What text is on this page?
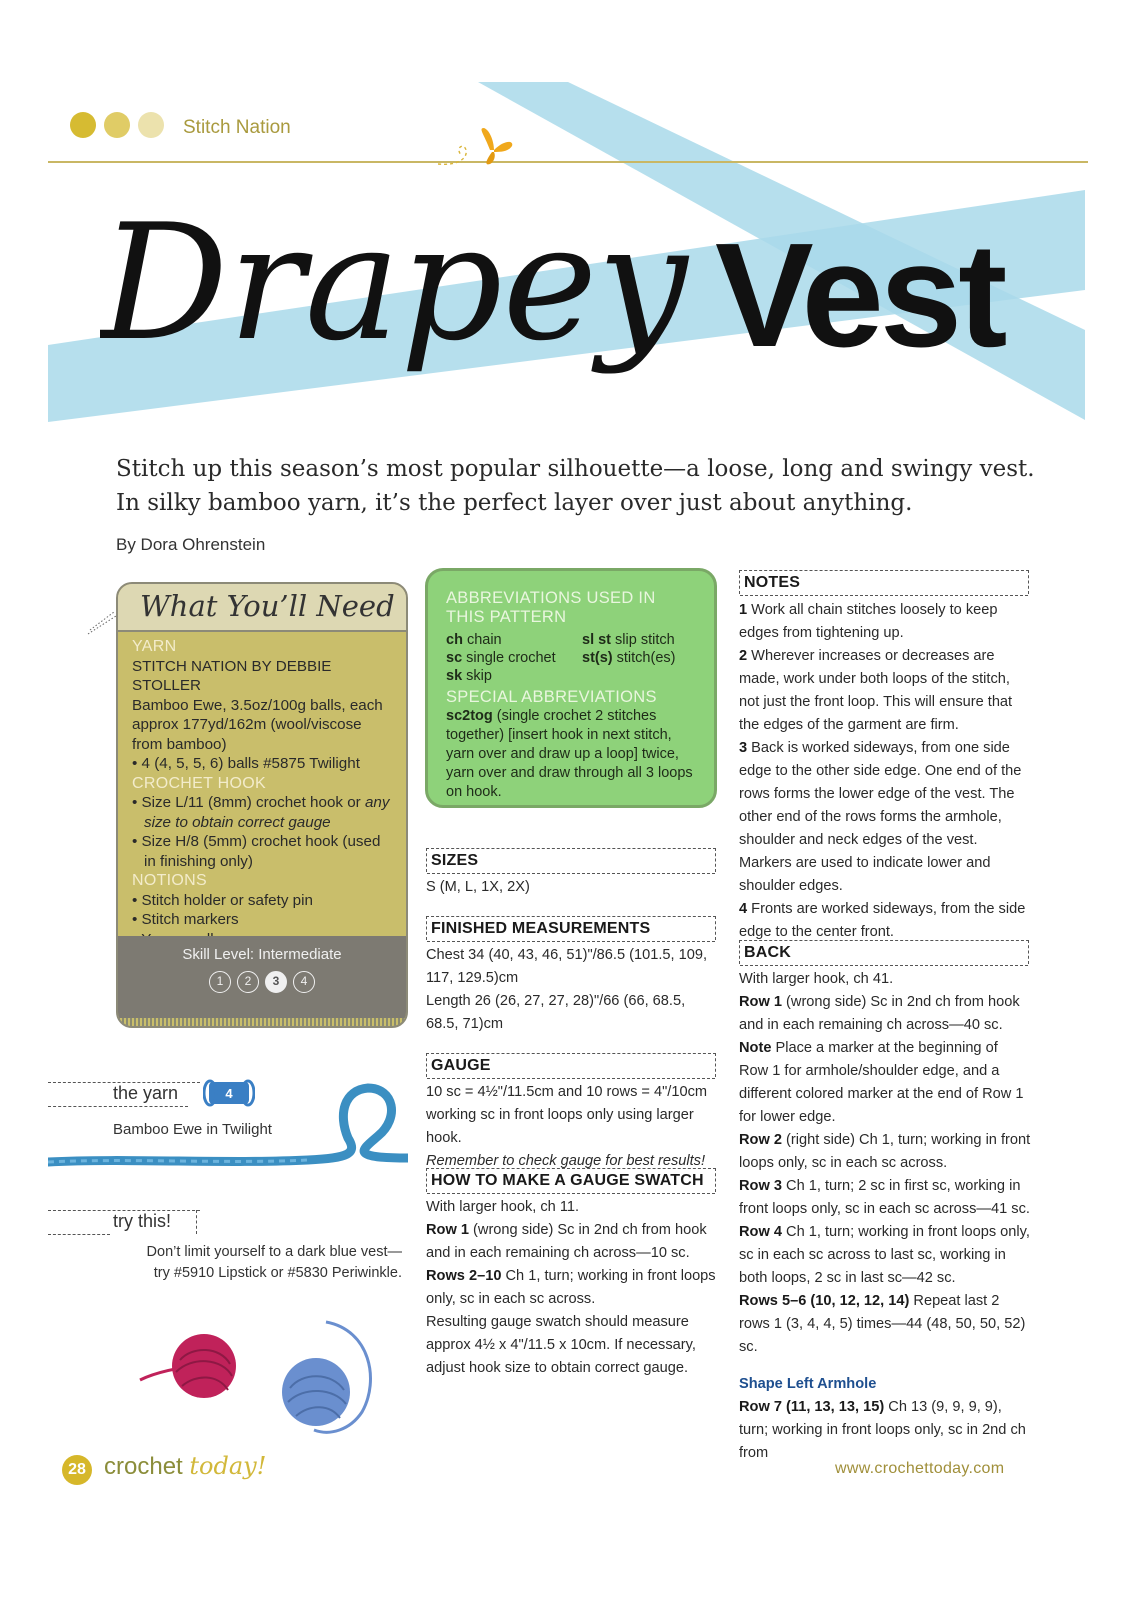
Stitch Nation
Drapey Vest
Stitch up this season’s most popular silhouette—a loose, long and swingy vest.
In silky bamboo yarn, it’s the perfect layer over just about anything.
By Dora Ohrenstein
What You’ll Need

YARN

STITCH NATION BY DEBBIE STOLLER

Bamboo Ewe, 3.5oz/100g balls, each approx 177yd/162m (wool/viscose from bamboo)

• 4 (4, 5, 5, 6) balls #5875 Twilight

CROCHET HOOK

• Size L/11 (8mm) crochet hook or any size to obtain correct gauge

• Size H/8 (5mm) crochet hook (used in finishing only)

NOTIONS

• Stitch holder or safety pin

• Stitch markers

Skill Level: Intermediate
1	2	3	4
ABBREVIATIONS USED IN THIS PATTERN
ch chain	sl st slip stitch
sc single crochet	st(s) stitch(es)
sk skip
SPECIAL ABBREVIATIONS
sc2tog (single crochet 2 stitches together) [insert hook in next stitch, yarn over and draw up a loop] twice, yarn over and draw through all 3 loops on hook.
SIZES
S (M, L, 1X, 2X)
FINISHED MEASUREMENTS
Chest 34 (40, 43, 46, 51)"/86.5 (101.5, 109, 117, 129.5)cm
Length 26 (26, 27, 27, 28)"/66 (66, 68.5, 68.5, 71)cm
GAUGE
10 sc = 4½"/11.5cm and 10 rows = 4"/10cm working sc in front loops only using larger hook.
Remember to check gauge for best results!
HOW TO MAKE A GAUGE SWATCH
With larger hook, ch 11.
Row 1 (wrong side) Sc in 2nd ch from hook and in each remaining ch across—10 sc.
Rows 2–10 Ch 1, turn; working in front loops only, sc in each sc across.
Resulting gauge swatch should measure approx 4½ x 4"/11.5 x 10cm. If necessary, adjust hook size to obtain correct gauge.
NOTES
1 Work all chain stitches loosely to keep edges from tightening up.
2 Wherever increases or decreases are made, work under both loops of the stitch, not just the front loop. This will ensure that the edges of the garment are firm.
3 Back is worked sideways, from one side edge to the other side edge. One end of the rows forms the lower edge of the vest. The other end of the rows forms the armhole, shoulder and neck edges of the vest. Markers are used to indicate lower and shoulder edges.
4 Fronts are worked sideways, from the side edge to the center front.
BACK
With larger hook, ch 41.
Row 1 (wrong side) Sc in 2nd ch from hook and in each remaining ch across—40 sc.
Note Place a marker at the beginning of Row 1 for armhole/shoulder edge, and a different colored marker at the end of Row 1 for lower edge.
Row 2 (right side) Ch 1, turn; working in front loops only, sc in each sc across.
Row 3 Ch 1, turn; 2 sc in first sc, working in front loops only, sc in each sc across—41 sc.
Row 4 Ch 1, turn; working in front loops only, sc in each sc across to last sc, working in both loops, 2 sc in last sc—42 sc.
Rows 5–6 (10, 12, 12, 14) Repeat last 2 rows 1 (3, 4, 4, 5) times—44 (48, 50, 50, 52) sc.
Shape Left Armhole
Row 7 (11, 13, 13, 15) Ch 13 (9, 9, 9, 9), turn; working in front loops only, sc in 2nd ch from
the yarn	4
Bamboo Ewe in Twilight
try this!
Don’t limit yourself to a dark blue vest—
try #5910 Lipstick or #5830 Periwinkle.
28 crochet today!	www.crochettoday.com
